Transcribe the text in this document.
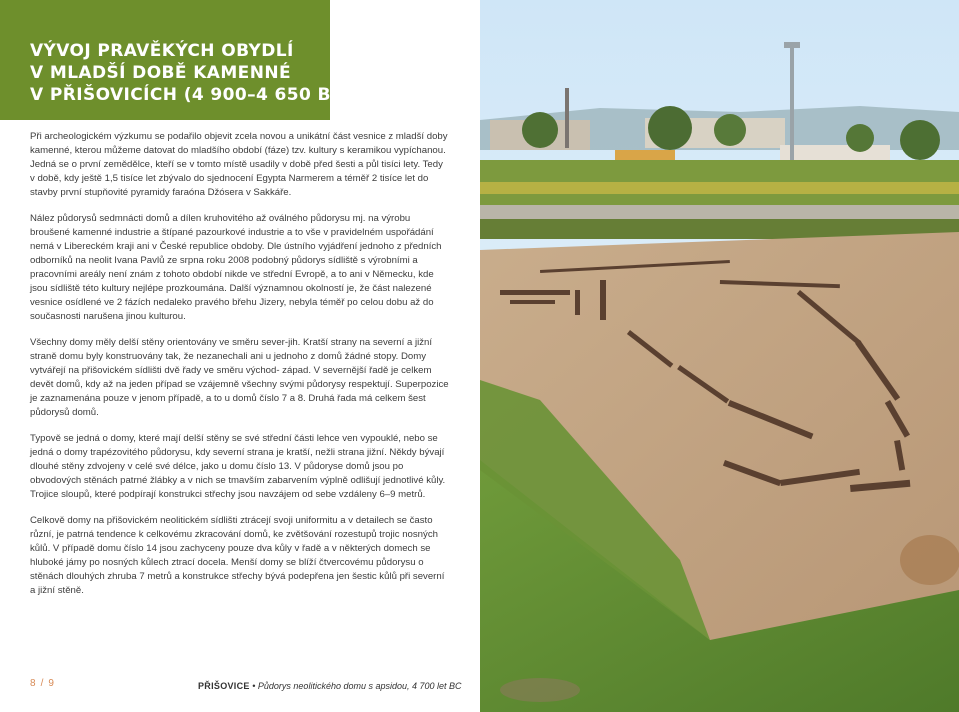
VÝVOJ PRAVĚKÝCH OBYDLÍ
V MLADŠÍ DOBĚ KAMENNÉ
V PŘIŠOVICÍCH (4 900–4 650 BC)

Při archeologickém výzkumu se podařilo objevit zcela novou a unikátní část vesnice z mladší doby kamenné, kterou můžeme datovat do mladšího období (fáze) tzv. kultury s keramikou vypíchanou. Jedná se o první zemědělce, kteří se v tomto místě usadily v době před šesti a půl tisíci lety. Tedy v době, kdy ještě 1,5 tisíce let zbývalo do sjednocení Egypta Narmerem a téměř 2 tisíce let do stavby první stupňovité pyramidy faraóna Džósera v Sakkáře.

Nález půdorysů sedmnácti domů a dílen kruhovitého až oválného půdorysu mj. na výrobu broušené kamenné industrie a štípané pazourkové industrie a to vše v pravidelném uspořádání nemá v Libereckém kraji ani v České republice obdoby. Dle ústního vyjádření jednoho z předních odborníků na neolit Ivana Pavlů ze srpna roku 2008 podobný půdorys sídliště s výrobními a pracovními areály není znám z tohoto období nikde ve střední Evropě, a to ani v Německu, kde jsou sídliště této kultury nejlépe prozkoumána. Další významnou okolností je, že část nalezené vesnice osídlené ve 2 fázích nedaleko pravého břehu Jizery, nebyla téměř po celou dobu až do současnosti narušena jinou kulturou.

Všechny domy měly delší stěny orientovány ve směru sever-jih. Kratší strany na severní a jižní straně domu byly konstruovány tak, že nezanechali ani u jednoho z domů žádné stopy. Domy vytvářejí na přišovickém sídlišti dvě řady ve směru východ- západ. V severnější řadě je celkem devět domů, kdy až na jeden případ se vzájemně všechny svými půdorysy respektují. Superpozice je zaznamenána pouze v jenom případě, a to u domů číslo 7 a 8. Druhá řada má celkem šest půdorysů domů.

Typově se jedná o domy, které mají delší stěny se své střední části lehce ven vypouklé, nebo se jedná o domy trapézovitého půdorysu, kdy severní strana je kratší, nežli strana jižní. Někdy bývají dlouhé stěny zdvojeny v celé své délce, jako u domu číslo 13. V půdoryse domů jsou po obvodových stěnách patrné žlábky a v nich se tmavším zabarvením výplně odlišují jednotlivé kůly. Trojice sloupů, které podpírají konstrukci střechy jsou navzájem od sebe vzdáleny 6–9 metrů.

Celkově domy na přišovickém neolitickém sídlišti ztrácejí svoji uniformitu a v detailech se často různí, je patrná tendence k celkovému zkracování domů, ke zvětšování rozestupů trojic nosných kůlů. V případě domu číslo 14 jsou zachyceny pouze dva kůly v řadě a v některých domech se hluboké jámy po nosných kůlech ztrací docela. Menší domy se blíží čtvercovému půdorysu o stěnách dlouhých zhruba 7 metrů a konstrukce střechy bývá podepřena jen šestic kůlů při severní a jižní stěně.

8 / 9	PŘIŠOVICE • Půdorys neolitického domu s apsidou, 4 700 let BC
